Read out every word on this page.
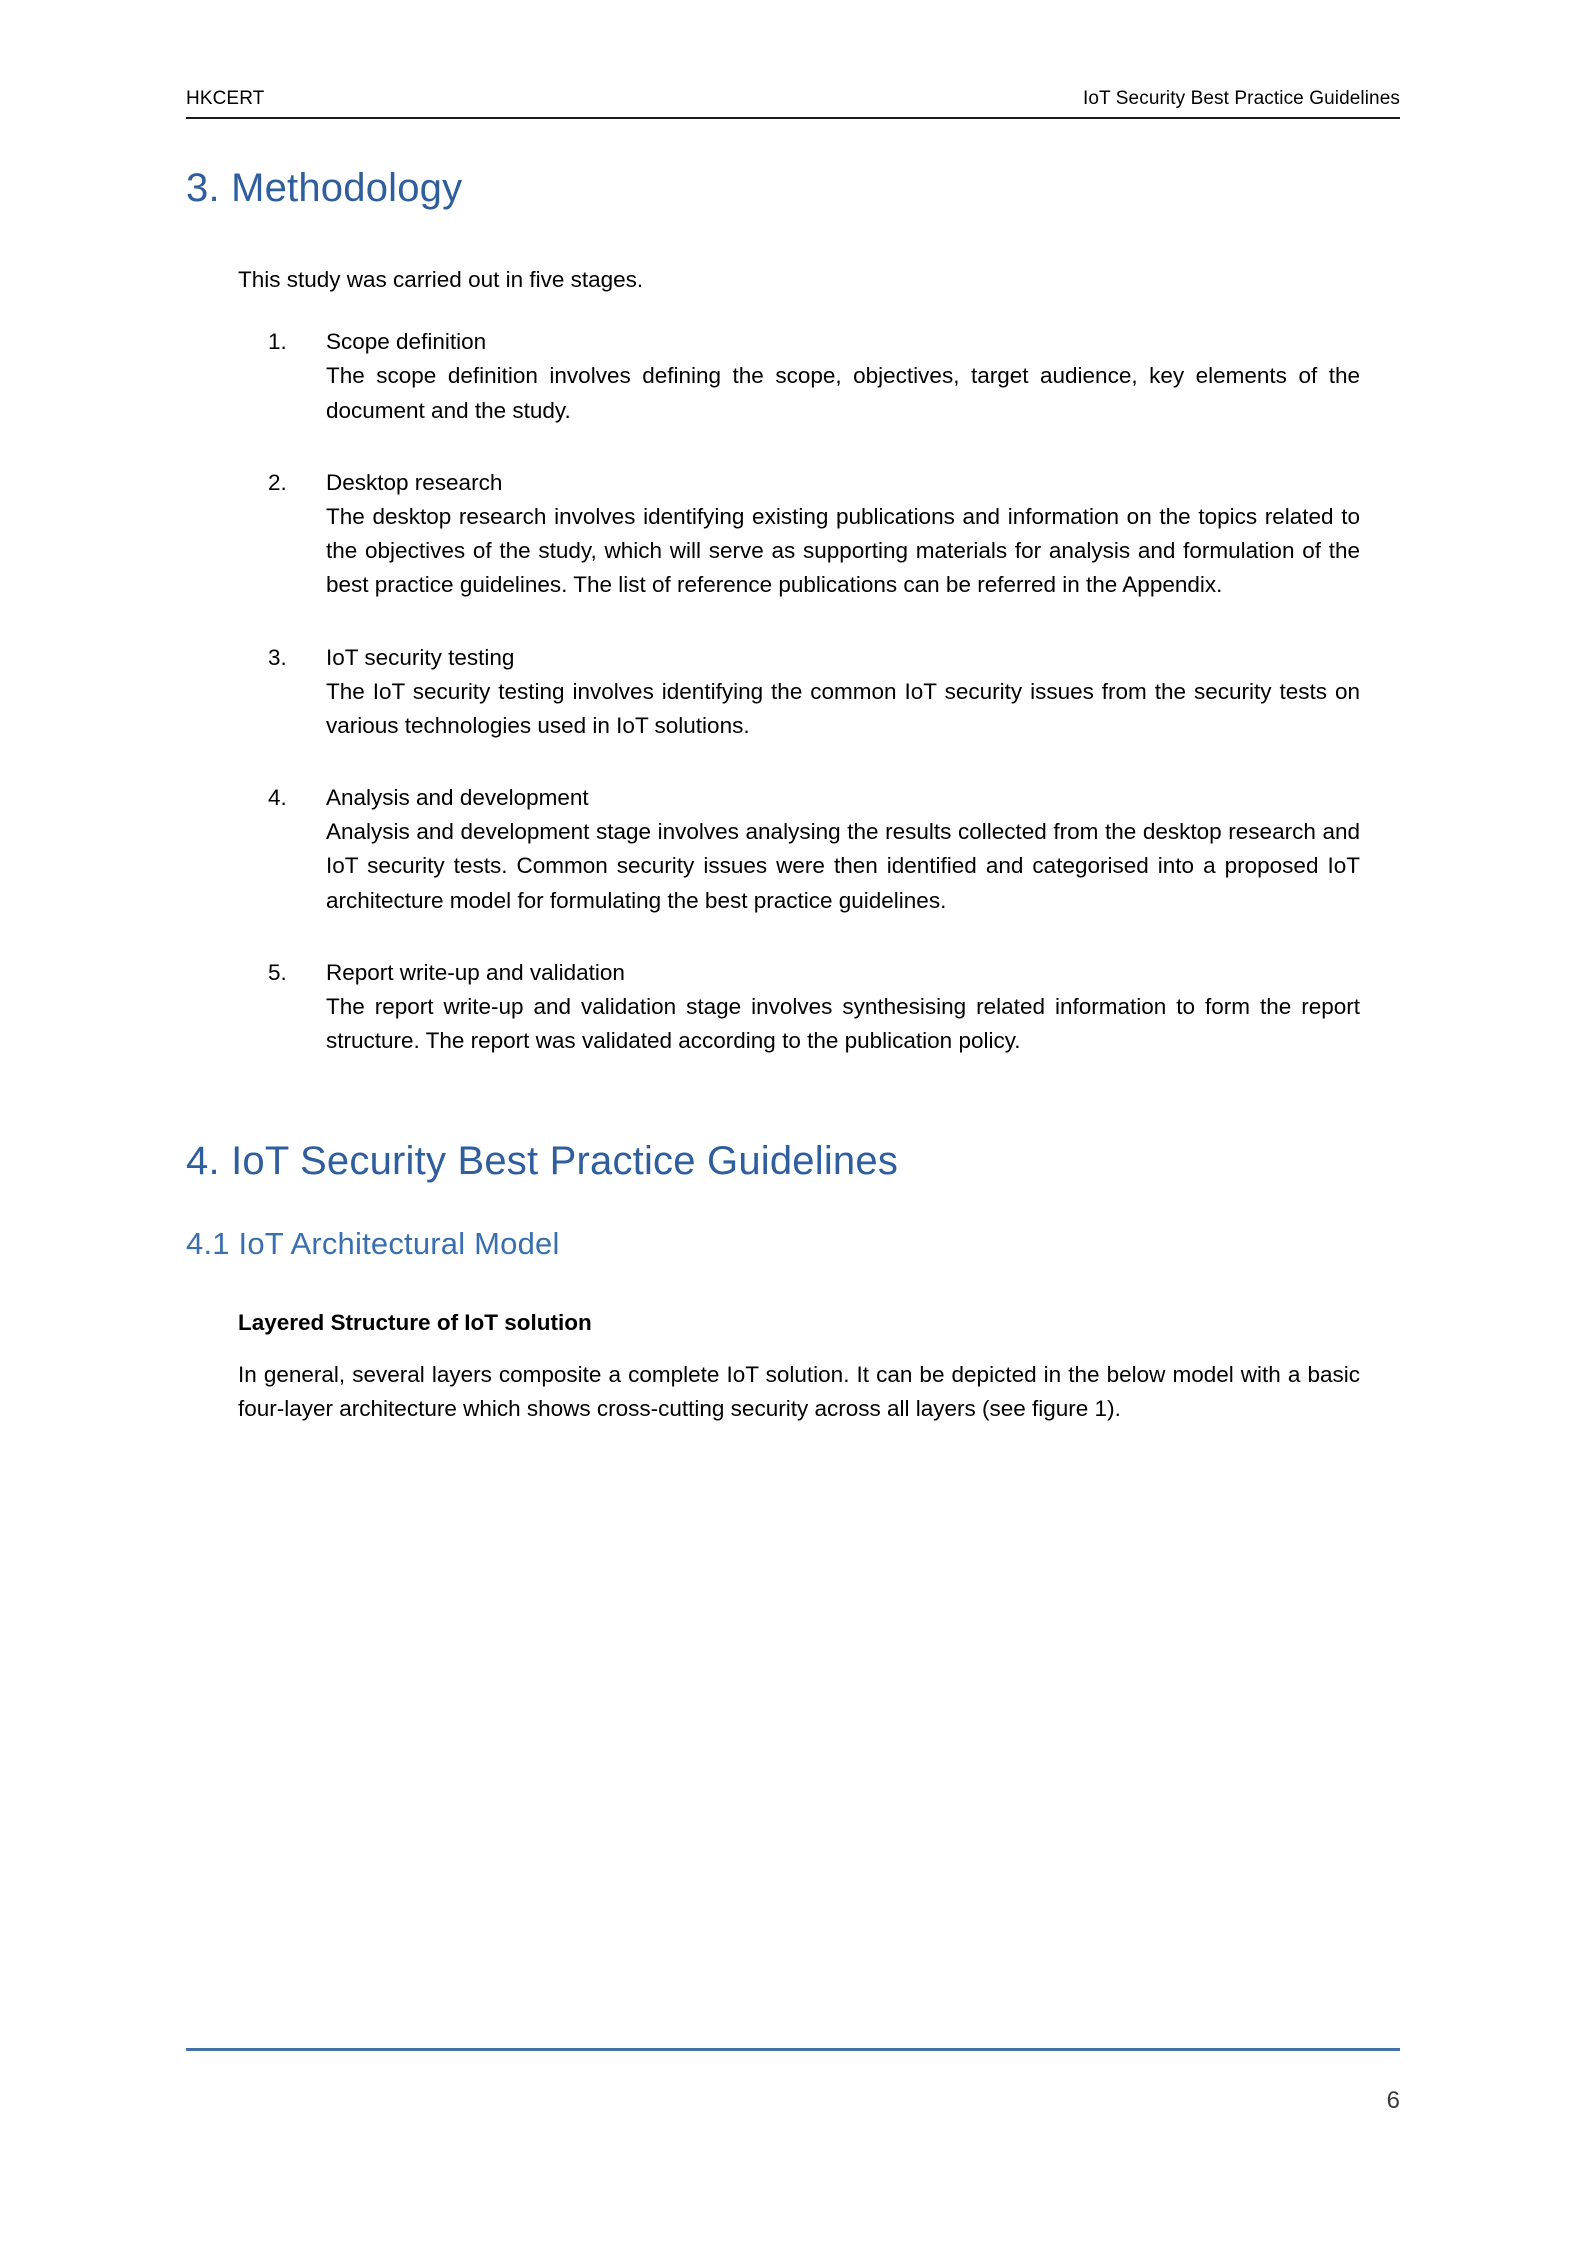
HKCERT	IoT Security Best Practice Guidelines
3. Methodology

This study was carried out in five stages.

1.	Scope definition
The scope definition involves defining the scope, objectives, target audience, key elements of the document and the study.
2.	Desktop research
The desktop research involves identifying existing publications and information on the topics related to the objectives of the study, which will serve as supporting materials for analysis and formulation of the best practice guidelines. The list of reference publications can be referred in the Appendix.
3.	IoT security testing
The IoT security testing involves identifying the common IoT security issues from the security tests on various technologies used in IoT solutions.
4.	Analysis and development
Analysis and development stage involves analysing the results collected from the desktop research and IoT security tests. Common security issues were then identified and categorised into a proposed IoT architecture model for formulating the best practice guidelines.
5.	Report write-up and validation
The report write-up and validation stage involves synthesising related information to form the report structure. The report was validated according to the publication policy.
4. IoT Security Best Practice Guidelines
4.1 IoT Architectural Model

Layered Structure of IoT solution

In general, several layers composite a complete IoT solution. It can be depicted in the below model with a basic four-layer architecture which shows cross-cutting security across all layers (see figure 1).

6
